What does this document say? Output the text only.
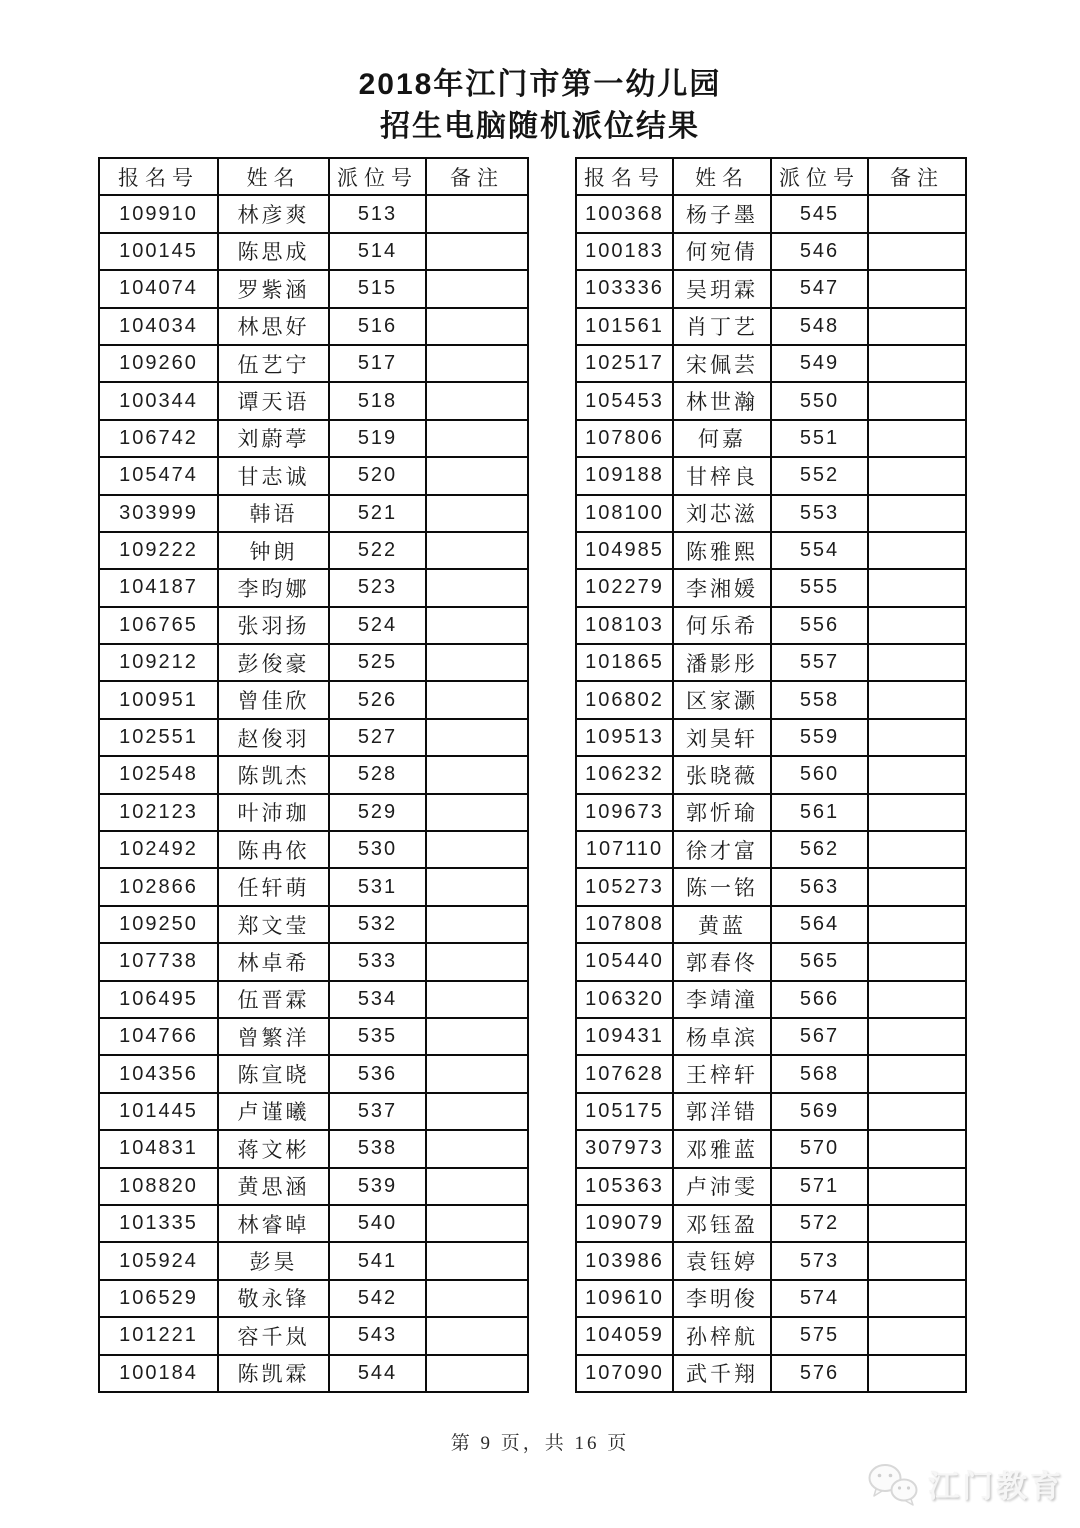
2018年江门市第一幼儿园
招生电脑随机派位结果
报名号	姓名	派位号	备注
109910	林彦爽	513	
100145	陈思成	514	
104074	罗紫涵	515	
104034	林思好	516	
109260	伍艺宁	517	
100344	谭天语	518	
106742	刘蔚葶	519	
105474	甘志诚	520	
303999	韩语	521	
109222	钟朗	522	
104187	李昀娜	523	
106765	张羽扬	524	
109212	彭俊豪	525	
100951	曾佳欣	526	
102551	赵俊羽	527	
102548	陈凯杰	528	
102123	叶沛珈	529	
102492	陈冉依	530	
102866	任轩萌	531	
109250	郑文莹	532	
107738	林卓希	533	
106495	伍晋霖	534	
104766	曾繁洋	535	
104356	陈宣晓	536	
101445	卢谨曦	537	
104831	蒋文彬	538	
108820	黄思涵	539	
101335	林睿晫	540	
105924	彭昊	541	
106529	敬永锋	542	
101221	容千岚	543	
100184	陈凯霖	544	
报名号	姓名	派位号	备注
100368	杨子墨	545	
100183	何宛倩	546	
103336	吴玥霖	547	
101561	肖丁艺	548	
102517	宋佩芸	549	
105453	林世瀚	550	
107806	何嘉	551	
109188	甘梓良	552	
108100	刘芯滋	553	
104985	陈雅熙	554	
102279	李湘媛	555	
108103	何乐希	556	
101865	潘影彤	557	
106802	区家灏	558	
109513	刘昊轩	559	
106232	张晓薇	560	
109673	郭忻瑜	561	
107110	徐才富	562	
105273	陈一铭	563	
107808	黄蓝	564	
105440	郭春佟	565	
106320	李靖潼	566	
109431	杨卓滨	567	
107628	王梓轩	568	
105175	郭洋错	569	
307973	邓雅蓝	570	
105363	卢沛雯	571	
109079	邓钰盈	572	
103986	袁钰婷	573	
109610	李明俊	574	
104059	孙梓航	575	
107090	武千翔	576	
第 9 页，共 16 页
江门教育
